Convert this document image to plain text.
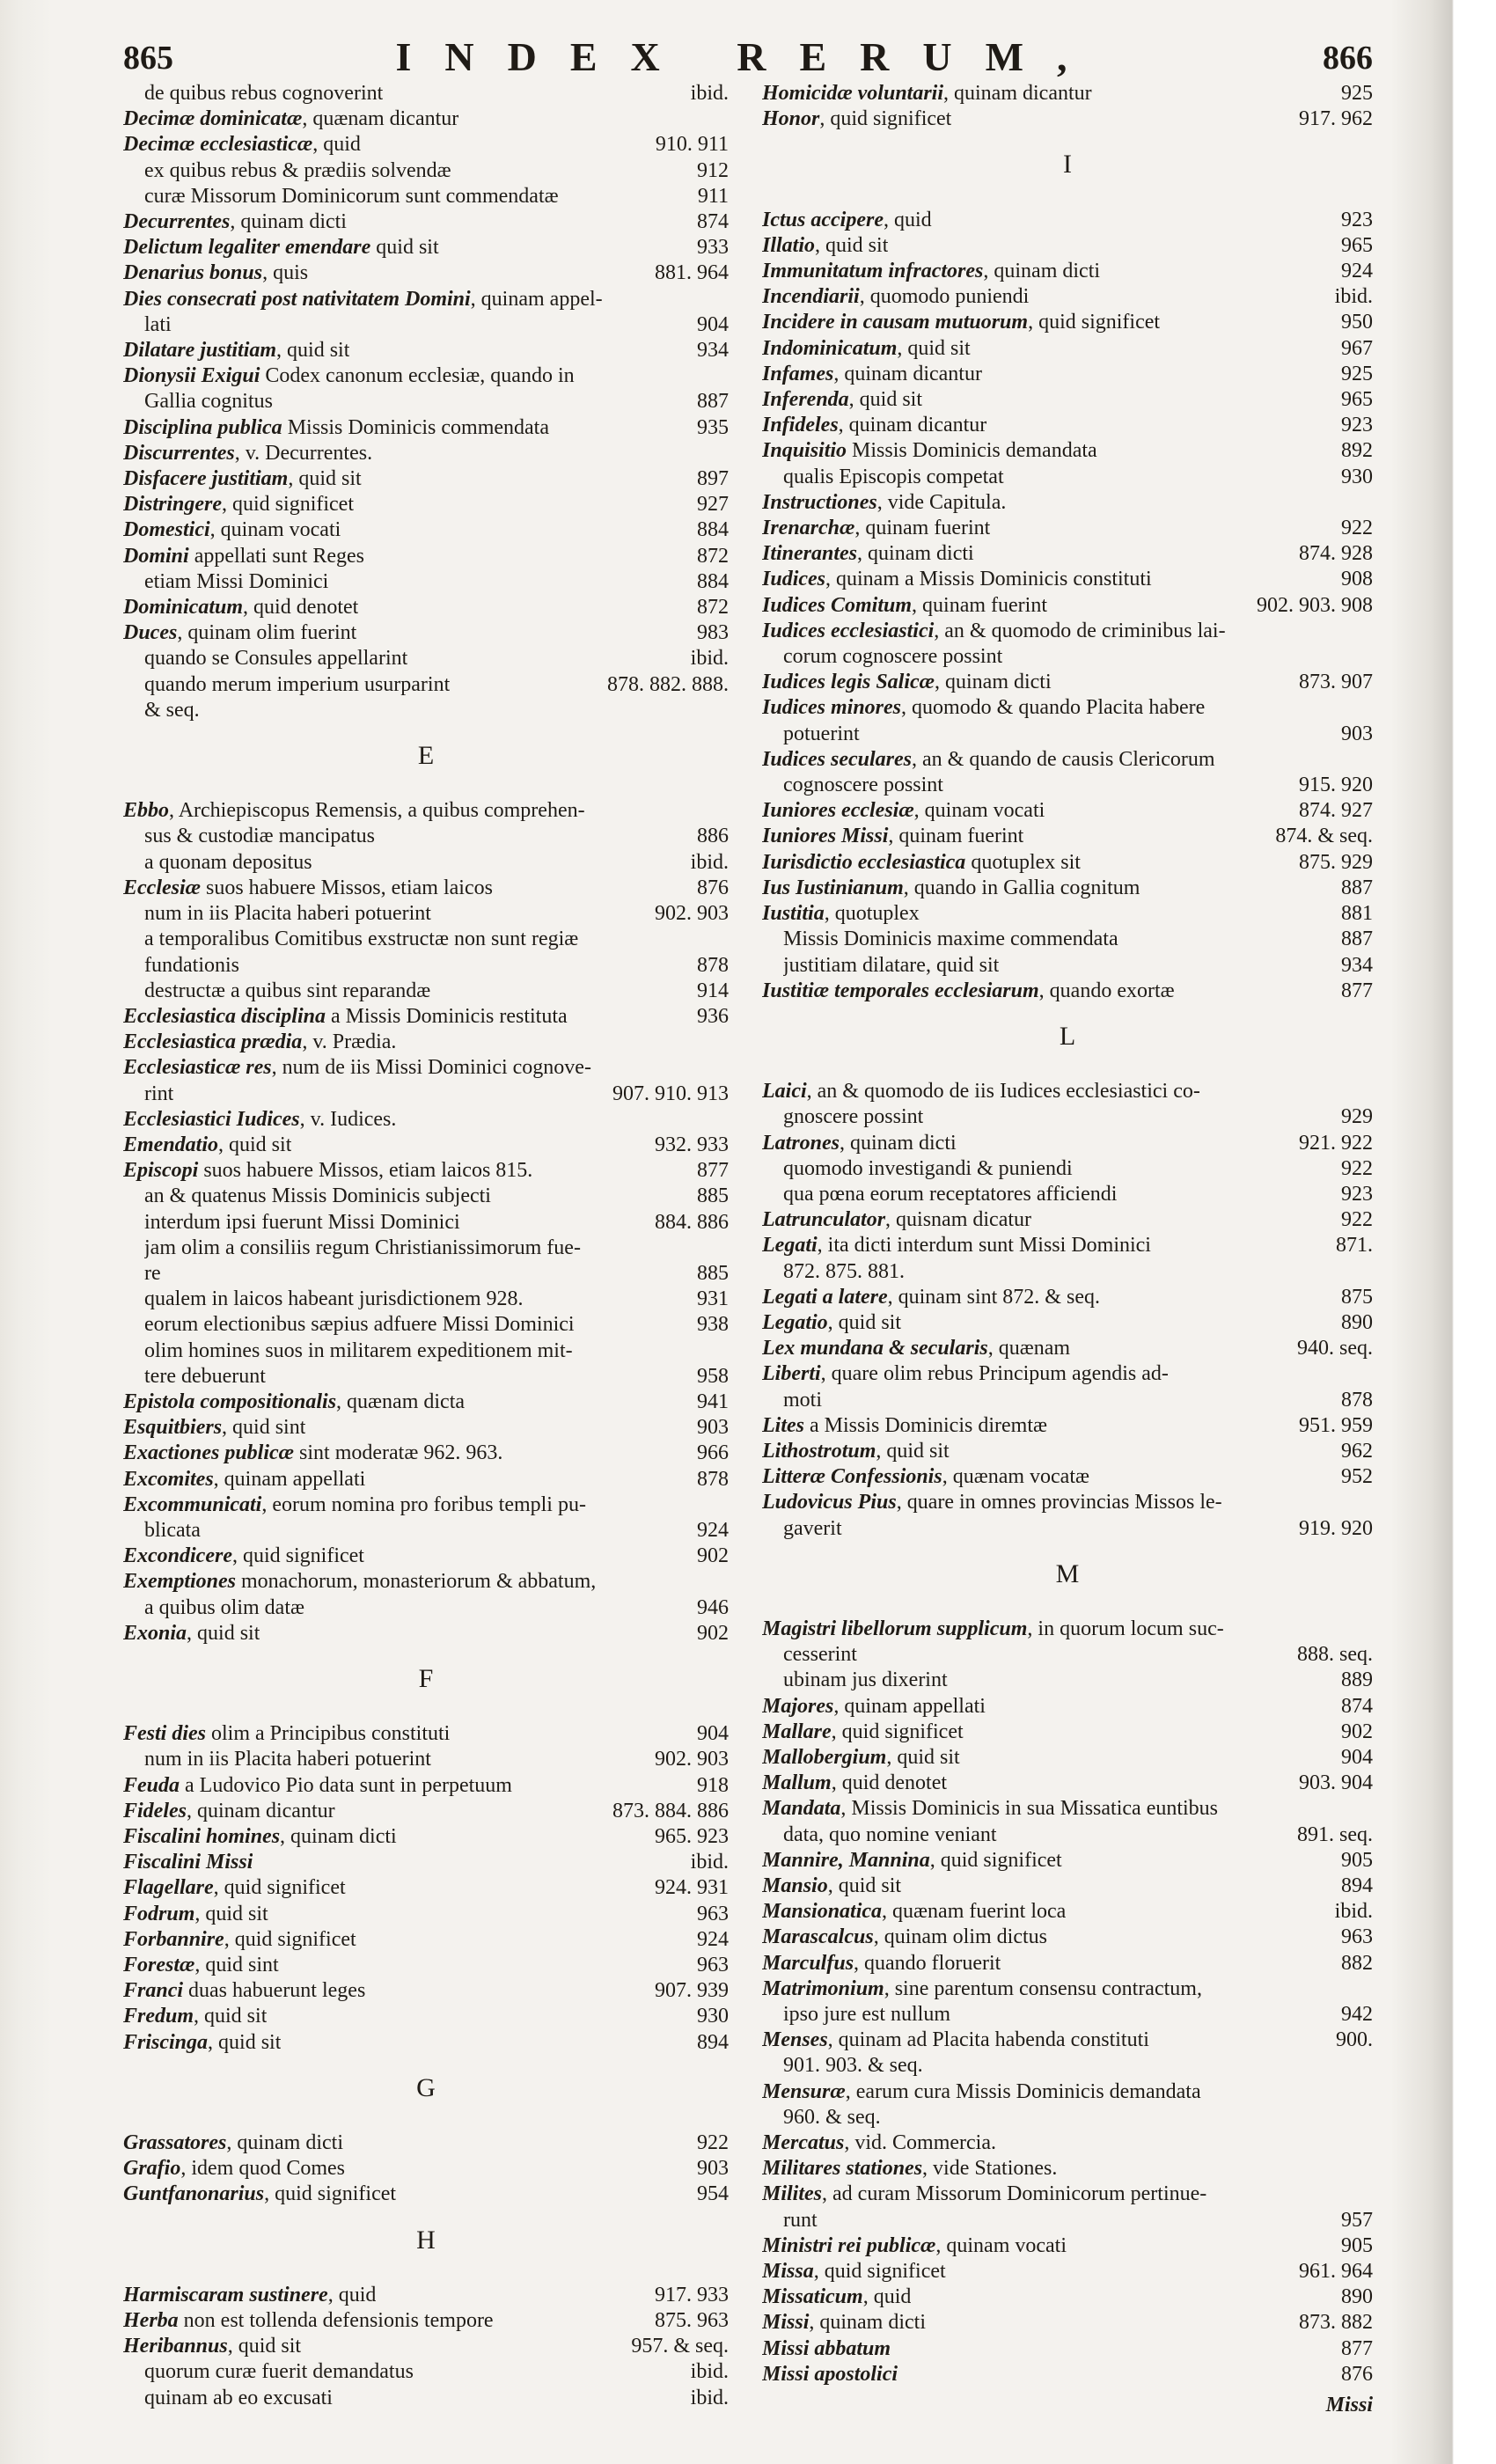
865	INDEX RERUM,	866
de quibus rebus cognoverint	ibid.
Decimæ dominicatæ, quænam dicantur
Decimæ ecclesiasticæ, quid	910. 911
ex quibus rebus & prædiis solvendæ	912
curæ Missorum Dominicorum sunt commendatæ	911
Decurrentes, quinam dicti	874
Delictum legaliter emendare quid sit	933
Denarius bonus, quis	881. 964
Dies consecrati post nativitatem Domini, quinam appel-
lati	904
Dilatare justitiam, quid sit	934
Dionysii Exigui Codex canonum ecclesiæ, quando in
Gallia cognitus	887
Disciplina publica Missis Dominicis commendata	935
Discurrentes, v. Decurrentes.
Disfacere justitiam, quid sit	897
Distringere, quid significet	927
Domestici, quinam vocati	884
Domini appellati sunt Reges	872
etiam Missi Dominici	884
Dominicatum, quid denotet	872
Duces, quinam olim fuerint	983
quando se Consules appellarint	ibid.
quando merum imperium usurparint	878. 882. 888.
& seq.
E
Ebbo, Archiepiscopus Remensis, a quibus comprehen-
sus & custodiæ mancipatus	886
a quonam depositus	ibid.
Ecclesiæ suos habuere Missos, etiam laicos	876
num in iis Placita haberi potuerint	902. 903
a temporalibus Comitibus exstructæ non sunt regiæ
fundationis	878
destructæ a quibus sint reparandæ	914
Ecclesiastica disciplina a Missis Dominicis restituta	936
Ecclesiastica prædia, v. Prædia.
Ecclesiasticæ res, num de iis Missi Dominici cognove-
rint	907. 910. 913
Ecclesiastici Iudices, v. Iudices.
Emendatio, quid sit	932. 933
Episcopi suos habuere Missos, etiam laicos 815.	877
an & quatenus Missis Dominicis subjecti	885
interdum ipsi fuerunt Missi Dominici	884. 886
jam olim a consiliis regum Christianissimorum fue-
re	885
qualem in laicos habeant jurisdictionem 928.	931
eorum electionibus sæpius adfuere Missi Dominici	938
olim homines suos in militarem expeditionem mit-
tere debuerunt	958
Epistola compositionalis, quænam dicta	941
Esquitbiers, quid sint	903
Exactiones publicæ sint moderatæ 962. 963.	966
Excomites, quinam appellati	878
Excommunicati, eorum nomina pro foribus templi pu-
blicata	924
Excondicere, quid significet	902
Exemptiones monachorum, monasteriorum & abbatum,
a quibus olim datæ	946
Exonia, quid sit	902
F
Festi dies olim a Principibus constituti	904
num in iis Placita haberi potuerint	902. 903
Feuda a Ludovico Pio data sunt in perpetuum	918
Fideles, quinam dicantur	873. 884. 886
Fiscalini homines, quinam dicti	965. 923
Fiscalini Missi	ibid.
Flagellare, quid significet	924. 931
Fodrum, quid sit	963
Forbannire, quid significet	924
Forestæ, quid sint	963
Franci duas habuerunt leges	907. 939
Fredum, quid sit	930
Friscinga, quid sit	894
G
Grassatores, quinam dicti	922
Grafio, idem quod Comes	903
Guntfanonarius, quid significet	954
H
Harmiscaram sustinere, quid	917. 933
Herba non est tollenda defensionis tempore	875. 963
Heribannus, quid sit	957. & seq.
quorum curæ fuerit demandatus	ibid.
quinam ab eo excusati	ibid.
Homicidæ voluntarii, quinam dicantur	925
Honor, quid significet	917. 962
I
Ictus accipere, quid	923
Illatio, quid sit	965
Immunitatum infractores, quinam dicti	924
Incendiarii, quomodo puniendi	ibid.
Incidere in causam mutuorum, quid significet	950
Indominicatum, quid sit	967
Infames, quinam dicantur	925
Inferenda, quid sit	965
Infideles, quinam dicantur	923
Inquisitio Missis Dominicis demandata	892
qualis Episcopis competat	930
Instructiones, vide Capitula.
Irenarchæ, quinam fuerint	922
Itinerantes, quinam dicti	874. 928
Iudices, quinam a Missis Dominicis constituti	908
Iudices Comitum, quinam fuerint	902. 903. 908
Iudices ecclesiastici, an & quomodo de criminibus lai-
corum cognoscere possint
Iudices legis Salicæ, quinam dicti	873. 907
Iudices minores, quomodo & quando Placita habere
potuerint	903
Iudices seculares, an & quando de causis Clericorum
cognoscere possint	915. 920
Iuniores ecclesiæ, quinam vocati	874. 927
Iuniores Missi, quinam fuerint	874. & seq.
Iurisdictio ecclesiastica quotuplex sit	875. 929
Ius Iustinianum, quando in Gallia cognitum	887
Iustitia, quotuplex	881
Missis Dominicis maxime commendata	887
justitiam dilatare, quid sit	934
Iustitiæ temporales ecclesiarum, quando exortæ	877
L
Laici, an & quomodo de iis Iudices ecclesiastici co-
gnoscere possint	929
Latrones, quinam dicti	921. 922
quomodo investigandi & puniendi	922
qua pœna eorum receptatores afficiendi	923
Latrunculator, quisnam dicatur	922
Legati, ita dicti interdum sunt Missi Dominici	871.
872. 875. 881.
Legati a latere, quinam sint 872. & seq.	875
Legatio, quid sit	890
Lex mundana & secularis, quænam	940. seq.
Liberti, quare olim rebus Principum agendis ad-
moti	878
Lites a Missis Dominicis diremtæ	951. 959
Lithostrotum, quid sit	962
Litteræ Confessionis, quænam vocatæ	952
Ludovicus Pius, quare in omnes provincias Missos le-
gaverit	919. 920
M
Magistri libellorum supplicum, in quorum locum suc-
cesserint	888. seq.
ubinam jus dixerint	889
Majores, quinam appellati	874
Mallare, quid significet	902
Mallobergium, quid sit	904
Mallum, quid denotet	903. 904
Mandata, Missis Dominicis in sua Missatica euntibus
data, quo nomine veniant	891. seq.
Mannire, Mannina, quid significet	905
Mansio, quid sit	894
Mansionatica, quænam fuerint loca	ibid.
Marascalcus, quinam olim dictus	963
Marculfus, quando floruerit	882
Matrimonium, sine parentum consensu contractum,
ipso jure est nullum	942
Menses, quinam ad Placita habenda constituti	900.
901. 903. & seq.
Mensuræ, earum cura Missis Dominicis demandata
960. & seq.
Mercatus, vid. Commercia.
Militares stationes, vide Stationes.
Milites, ad curam Missorum Dominicorum pertinue-
runt	957
Ministri rei publicæ, quinam vocati	905
Missa, quid significet	961. 964
Missaticum, quid	890
Missi, quinam dicti	873. 882
Missi abbatum	877
Missi apostolici	876
Missi
